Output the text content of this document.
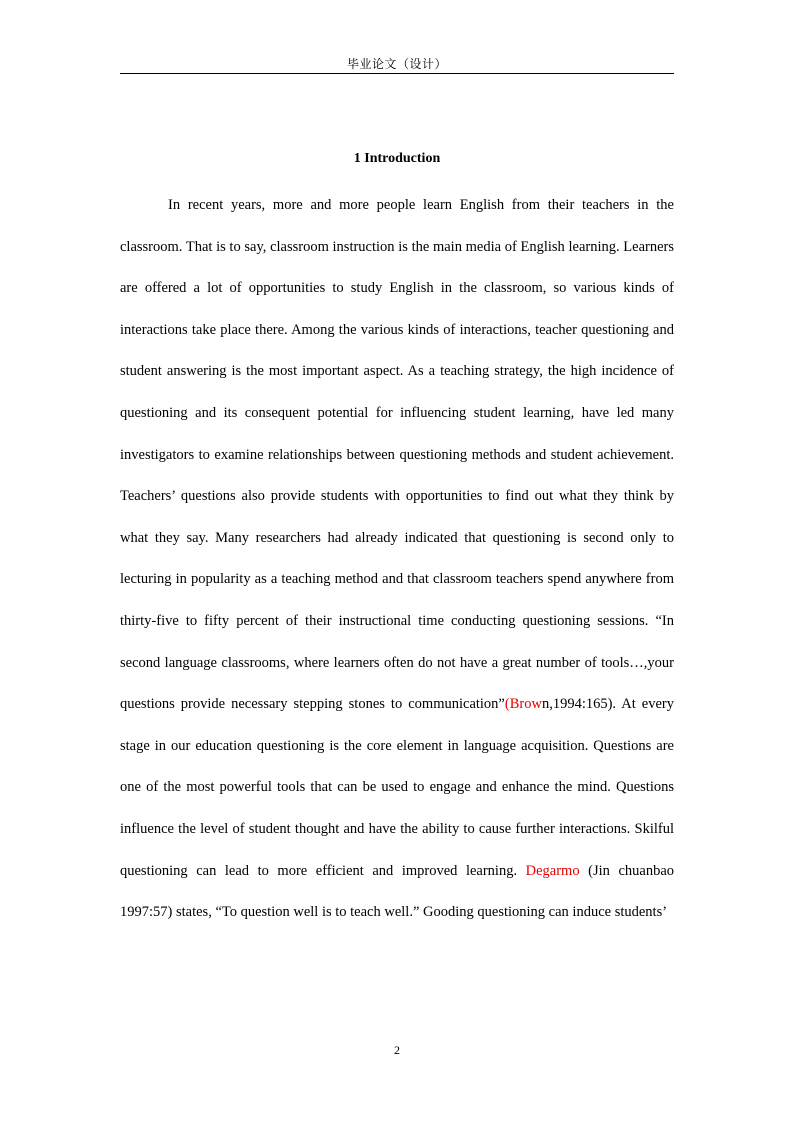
毕业论文（设计）
1 Introduction

In recent years, more and more people learn English from their teachers in the classroom. That is to say, classroom instruction is the main media of English learning. Learners are offered a lot of opportunities to study English in the classroom, so various kinds of interactions take place there. Among the various kinds of interactions, teacher questioning and student answering is the most important aspect. As a teaching strategy, the high incidence of questioning and its consequent potential for influencing student learning, have led many investigators to examine relationships between questioning methods and student achievement. Teachers’ questions also provide students with opportunities to find out what they think by what they say. Many researchers had already indicated that questioning is second only to lecturing in popularity as a teaching method and that classroom teachers spend anywhere from thirty-five to fifty percent of their instructional time conducting questioning sessions. “In second language classrooms, where learners often do not have a great number of tools…,your questions provide necessary stepping stones to communication”(Brown,1994:165). At every stage in our education questioning is the core element in language acquisition. Questions are one of the most powerful tools that can be used to engage and enhance the mind. Questions influence the level of student thought and have the ability to cause further interactions. Skilful questioning can lead to more efficient and improved learning. Degarmo (Jin chuanbao 1997:57) states, “To question well is to teach well.” Gooding questioning can induce students’

2
